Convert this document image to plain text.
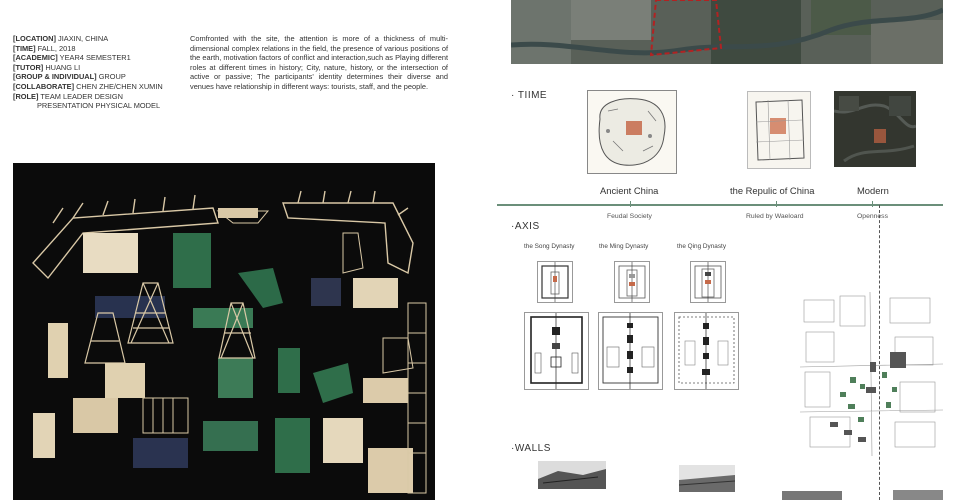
[LOCATION] JIAXIN, CHINA
[TIME] FALL, 2018
[ACADEMIC] YEAR4 SEMESTER1
[TUTOR] HUANG LI
[GROUP & INDIVIDUAL] GROUP
[COLLABORATE] CHEN ZHE/CHEN XUMIN
[ROLE] TEAM LEADER DESIGN
PRESENTATION PHYSICAL MODEL
Comfronted with the site, the attention is more of a thickness of multi-dimensional complex relations in the field, the presence of various positions of the earth, motivation factors of conflict and interaction,such as Playing different roles at different times in history; City, nature, history, or the intersection of active or passive; The participants' identity determines their diverse and venues have relationship in different ways: tourists, staff, and the people.
· TIIME
Ancient China	the Repulic of China	Modern
Feudal Society	Ruled by Waeloard	Openness
·AXIS
the Song Dynasty	the Ming Dynasty	the Qing Dynasty
·WALLS
